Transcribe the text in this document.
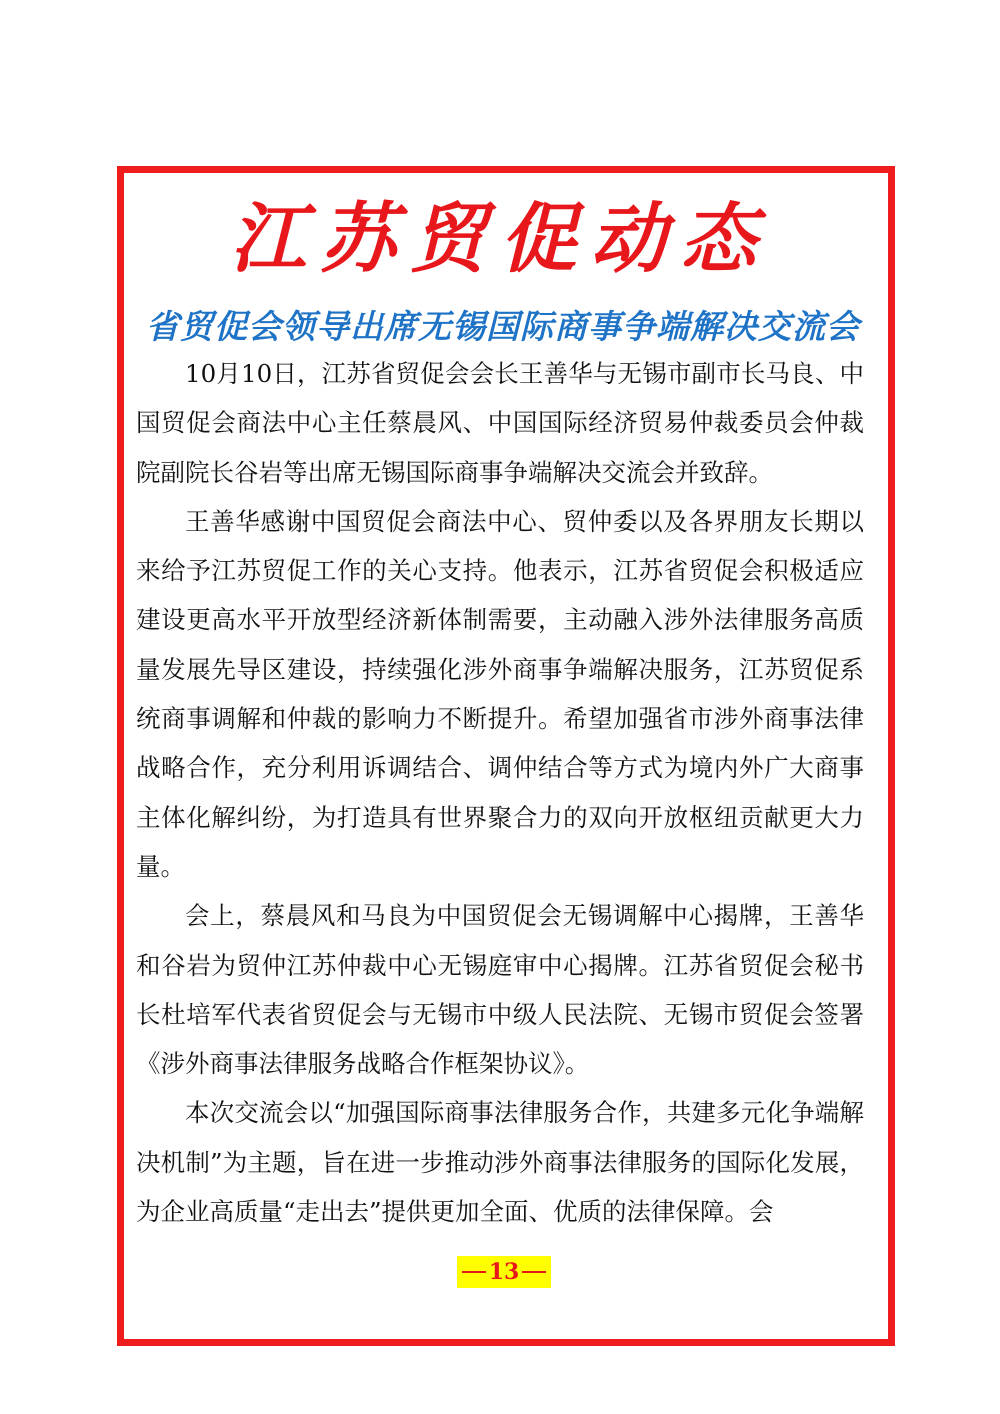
江苏贸促动态
省贸促会领导出席无锡国际商事争端解决交流会

10月10日，江苏省贸促会会长王善华与无锡市副市长马良、中国贸促会商法中心主任蔡晨风、中国国际经济贸易仲裁委员会仲裁院副院长谷岩等出席无锡国际商事争端解决交流会并致辞。

王善华感谢中国贸促会商法中心、贸仲委以及各界朋友长期以来给予江苏贸促工作的关心支持。他表示，江苏省贸促会积极适应建设更高水平开放型经济新体制需要，主动融入涉外法律服务高质量发展先导区建设，持续强化涉外商事争端解决服务，江苏贸促系统商事调解和仲裁的影响力不断提升。希望加强省市涉外商事法律战略合作，充分利用诉调结合、调仲结合等方式为境内外广大商事主体化解纠纷，为打造具有世界聚合力的双向开放枢纽贡献更大力量。

会上，蔡晨风和马良为中国贸促会无锡调解中心揭牌，王善华和谷岩为贸仲江苏仲裁中心无锡庭审中心揭牌。江苏省贸促会秘书长杜培军代表省贸促会与无锡市中级人民法院、无锡市贸促会签署《涉外商事法律服务战略合作框架协议》。

本次交流会以“加强国际商事法律服务合作，共建多元化争端解决机制”为主题，旨在进一步推动涉外商事法律服务的国际化发展，为企业高质量“走出去”提供更加全面、优质的法律保障。会

13
